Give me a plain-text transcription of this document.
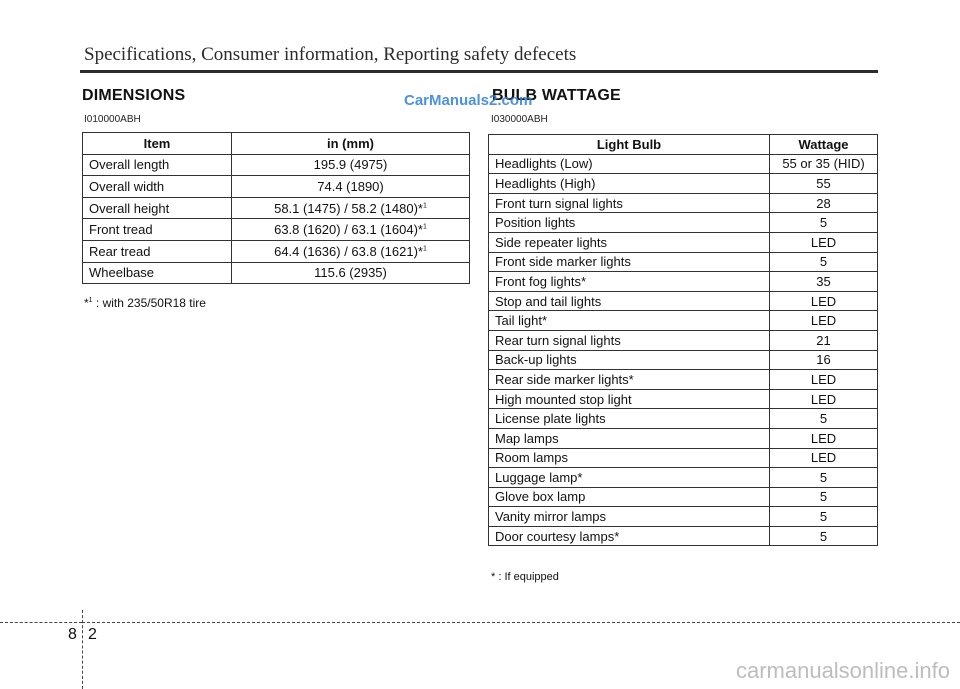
Specifications, Consumer information, Reporting safety defecets
DIMENSIONS
I010000ABH
BULB WATTAGE
I030000ABH
CarManuals2.com
Item	in (mm)
Overall length	195.9 (4975)
Overall width	74.4 (1890)
Overall height	58.1 (1475) / 58.2 (1480)*$^1$
Front tread	63.8 (1620) / 63.1 (1604)*$^1$
Rear tread	64.4 (1636) / 63.8 (1621)*$^1$
Wheelbase	115.6 (2935)
*$^1$ : with 235/50R18 tire
Light Bulb	Wattage
Headlights (Low)	55 or 35 (HID)
Headlights (High)	55
Front turn signal lights	28
Position lights	5
Side repeater lights	LED
Front side marker lights	5
Front fog lights*	35
Stop and tail lights	LED
Tail light*	LED
Rear turn signal lights	21
Back-up lights	16
Rear side marker lights*	LED
High mounted stop light	LED
License plate lights	5
Map lamps	LED
Room lamps	LED
Luggage lamp*	5
Glove box lamp	5
Vanity mirror lamps	5
Door courtesy lamps*	5
* : If equipped
8 2
carmanualsonline.info
